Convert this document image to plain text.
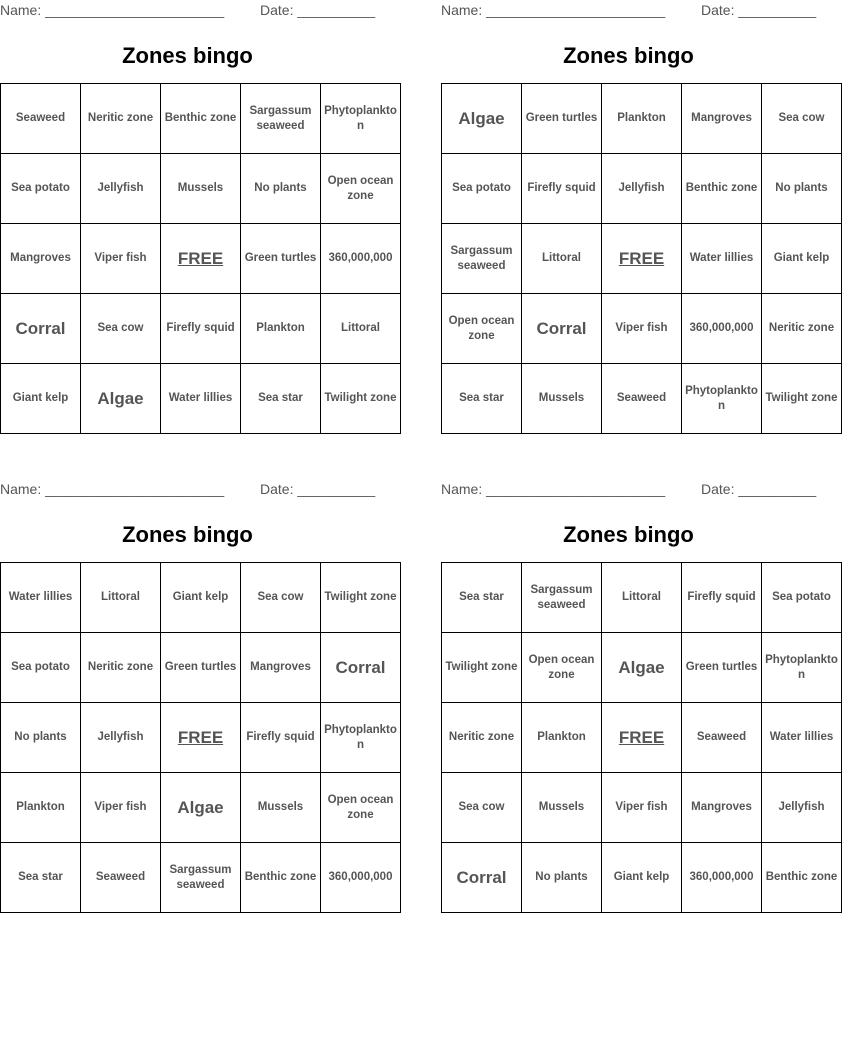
Name: _______________________	Date: __________
Zones bingo
Seaweed	Neritic zone	Benthic zone	Sargassum seaweed	Phytoplankton
Sea potato	Jellyfish	Mussels	No plants	Open ocean zone
Mangroves	Viper fish	FREE	Green turtles	360,000,000
Corral	Sea cow	Firefly squid	Plankton	Littoral
Giant kelp	Algae	Water lillies	Sea star	Twilight zone
Name: _______________________	Date: __________
Zones bingo
Algae	Green turtles	Plankton	Mangroves	Sea cow
Sea potato	Firefly squid	Jellyfish	Benthic zone	No plants
Sargassum seaweed	Littoral	FREE	Water lillies	Giant kelp
Open ocean zone	Corral	Viper fish	360,000,000	Neritic zone
Sea star	Mussels	Seaweed	Phytoplankton	Twilight zone
Name: _______________________	Date: __________
Zones bingo
Water lillies	Littoral	Giant kelp	Sea cow	Twilight zone
Sea potato	Neritic zone	Green turtles	Mangroves	Corral
No plants	Jellyfish	FREE	Firefly squid	Phytoplankton
Plankton	Viper fish	Algae	Mussels	Open ocean zone
Sea star	Seaweed	Sargassum seaweed	Benthic zone	360,000,000
Name: _______________________	Date: __________
Zones bingo
Sea star	Sargassum seaweed	Littoral	Firefly squid	Sea potato
Twilight zone	Open ocean zone	Algae	Green turtles	Phytoplankton
Neritic zone	Plankton	FREE	Seaweed	Water lillies
Sea cow	Mussels	Viper fish	Mangroves	Jellyfish
Corral	No plants	Giant kelp	360,000,000	Benthic zone
